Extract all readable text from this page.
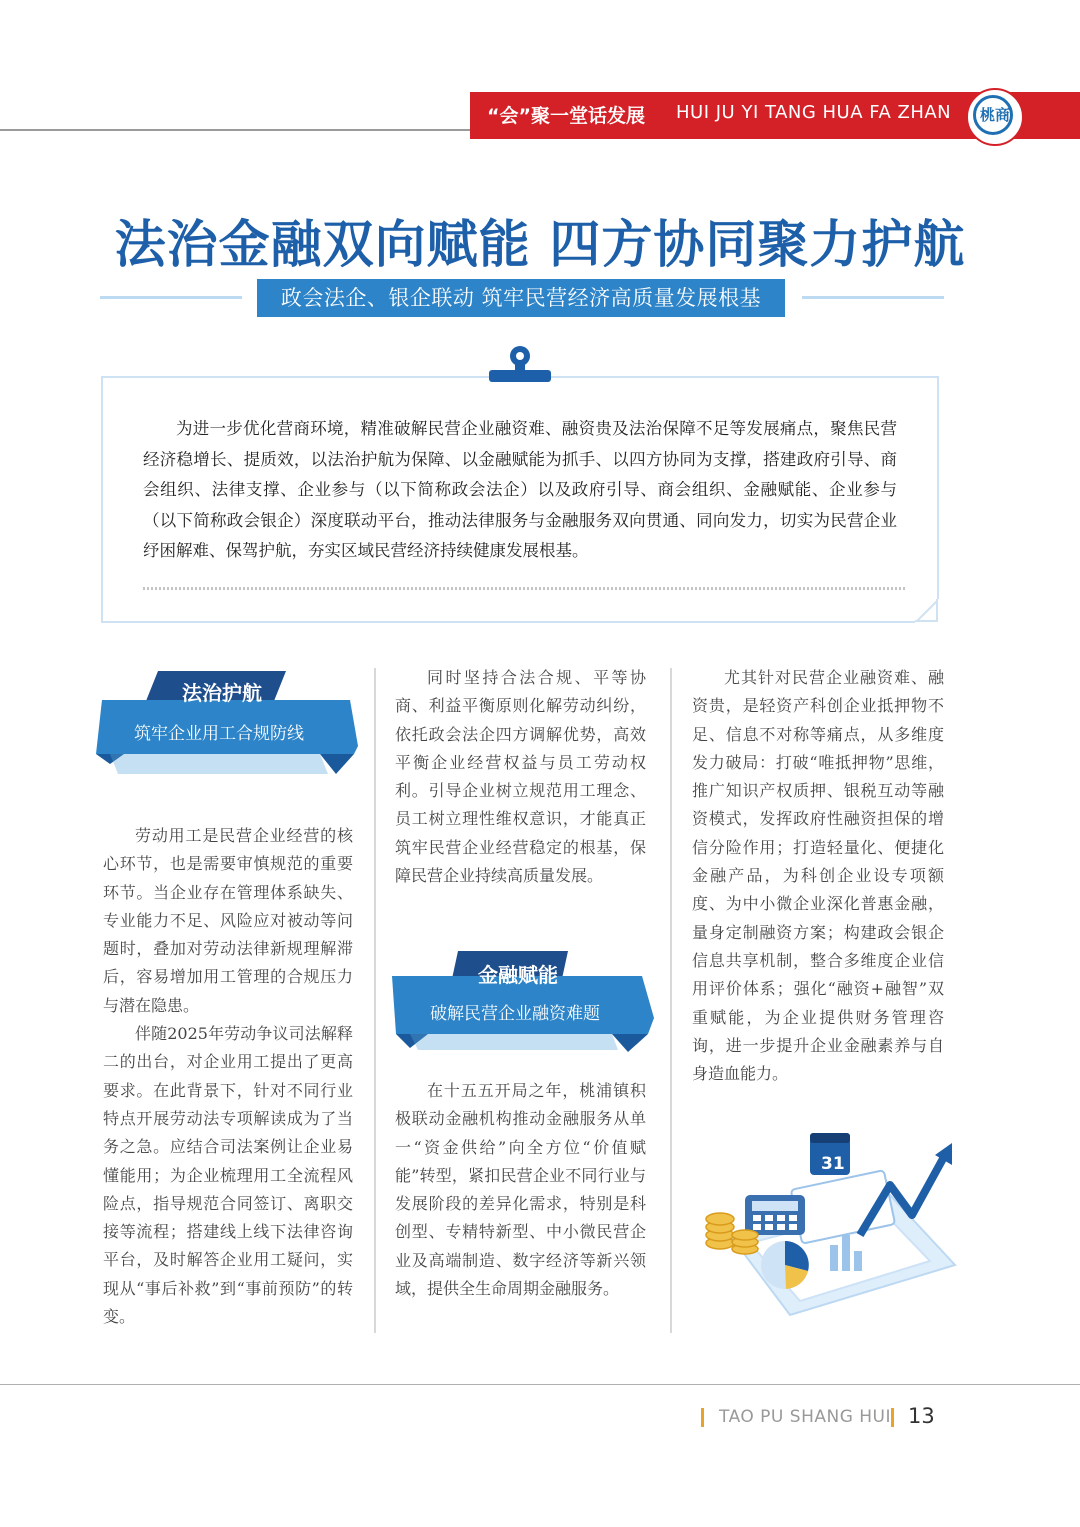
“会”聚一堂话发展 HUI JU YI TANG HUA FA ZHAN	桃商
法治金融双向赋能 四方协同聚力护航
政会法企、银企联动 筑牢民营经济高质量发展根基

为进一步优化营商环境，精准破解民营企业融资难、融资贵及法治保障不足等发展痛点，聚焦民营经济稳增长、提质效，以法治护航为保障、以金融赋能为抓手、以四方协同为支撑，搭建政府引导、商会组织、法律支撑、企业参与（以下简称政会法企）以及政府引导、商会组织、金融赋能、企业参与（以下简称政会银企）深度联动平台，推动法律服务与金融服务双向贯通、同向发力，切实为民营企业纾困解难、保驾护航，夯实区域民营经济持续健康发展根基。

法治护航
筑牢企业用工合规防线

劳动用工是民营企业经营的核心环节，也是需要审慎规范的重要环节。当企业存在管理体系缺失、专业能力不足、风险应对被动等问题时，叠加对劳动法律新规理解滞后，容易增加用工管理的合规压力与潜在隐患。

伴随2025年劳动争议司法解释二的出台，对企业用工提出了更高要求。在此背景下，针对不同行业特点开展劳动法专项解读成为了当务之急。应结合司法案例让企业易懂能用；为企业梳理用工全流程风险点，指导规范合同签订、离职交接等流程；搭建线上线下法律咨询平台，及时解答企业用工疑问，实现从“事后补救”到“事前预防”的转变。

同时坚持合法合规、平等协商、利益平衡原则化解劳动纠纷，依托政会法企四方调解优势，高效平衡企业经营权益与员工劳动权利。引导企业树立规范用工理念、员工树立理性维权意识，才能真正筑牢民营企业经营稳定的根基，保障民营企业持续高质量发展。

金融赋能
破解民营企业融资难题

在十五五开局之年，桃浦镇积极联动金融机构推动金融服务从单一“资金供给”向全方位“价值赋能”转型，紧扣民营企业不同行业与发展阶段的差异化需求，特别是科创型、专精特新型、中小微民营企业及高端制造、数字经济等新兴领域，提供全生命周期金融服务。

尤其针对民营企业融资难、融资贵，是轻资产科创企业抵押物不足、信息不对称等痛点，从多维度发力破局：打破“唯抵押物”思维，推广知识产权质押、银税互动等融资模式，发挥政府性融资担保的增信分险作用；打造轻量化、便捷化金融产品，为科创企业设专项额度、为中小微企业深化普惠金融，量身定制融资方案；构建政会银企信息共享机制，整合多维度企业信用评价体系；强化“融资+融智”双重赋能，为企业提供财务管理咨询，进一步提升企业金融素养与自身造血能力。

31
TAO PU SHANG HUI 13
